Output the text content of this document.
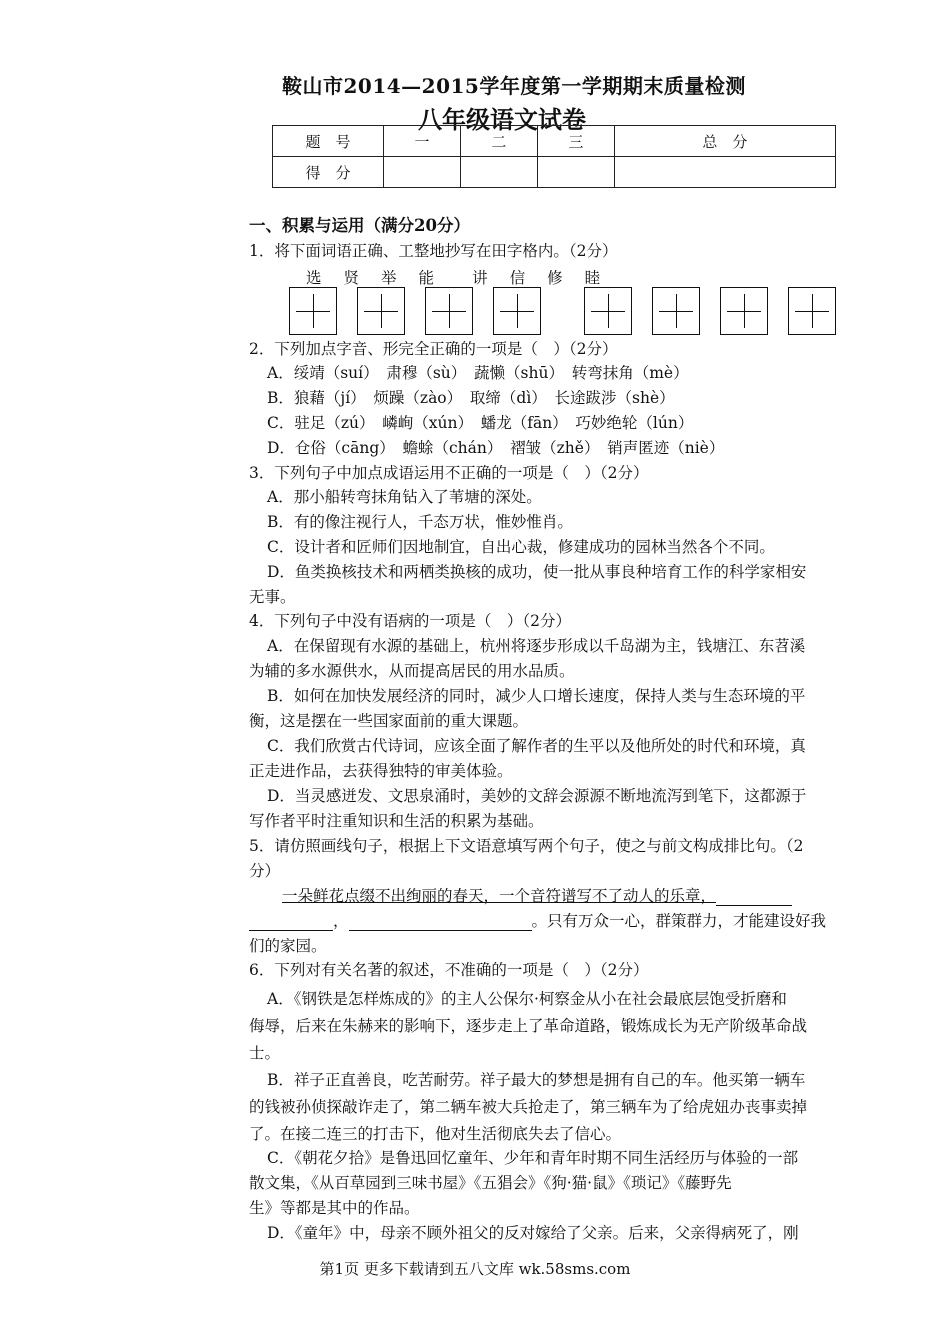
鞍山市2014—2015学年度第一学期期末质量检测
八年级语文试卷
题　号	一	二	三	总　分
得　分				
一、积累与运用（满分20分）
1．将下面词语正确、工整地抄写在田字格内。（2分）
选 贤 举 能 讲 信 修 睦
2．下列加点字音、形完全正确的一项是（　）（2分）
A．绥靖（suí）　肃穆（sù）　蔬懒（shū）　转弯抹角（mè）
B．狼藉（jí）　烦躁（zào）　取缔（dì）　长途跋涉（shè）
C．驻足（zú）　嶙峋（xún）　蟠龙（fān）　巧妙绝轮（lún）
D．仓俗（cāng）　蟾蜍（chán）　褶皱（zhě）　销声匿迹（niè）
3．下列句子中加点成语运用不正确的一项是（　）（2分）
A．那小船转弯抹角钻入了苇塘的深处。
B．有的像注视行人，千态万状，惟妙惟肖。
C．设计者和匠师们因地制宜，自出心裁，修建成功的园林当然各个不同。
D．鱼类换核技术和两栖类换核的成功，使一批从事良种培育工作的科学家相安
无事。
4．下列句子中没有语病的一项是（　）（2分）
A．在保留现有水源的基础上，杭州将逐步形成以千岛湖为主，钱塘江、东苕溪
为辅的多水源供水，从而提高居民的用水品质。
B．如何在加快发展经济的同时，减少人口增长速度，保持人类与生态环境的平
衡，这是摆在一些国家面前的重大课题。
C．我们欣赏古代诗词，应该全面了解作者的生平以及他所处的时代和环境，真
正走进作品，去获得独特的审美体验。
D．当灵感迸发、文思泉涌时，美妙的文辞会源源不断地流泻到笔下，这都源于
写作者平时注重知识和生活的积累为基础。
5．请仿照画线句子，根据上下文语意填写两个句子，使之与前文构成排比句。（2
分）
一朵鲜花点缀不出绚丽的春天，一个音符谱写不了动人的乐章，
，	。只有万众一心，群策群力，才能建设好我
们的家园。
6．下列对有关名著的叙述，不准确的一项是（　）（2分）
A．《钢铁是怎样炼成的》的主人公保尔·柯察金从小在社会最底层饱受折磨和
侮辱，后来在朱赫来的影响下，逐步走上了革命道路，锻炼成长为无产阶级革命战
士。
B．祥子正直善良，吃苦耐劳。祥子最大的梦想是拥有自己的车。他买第一辆车
的钱被孙侦探敲诈走了，第二辆车被大兵抢走了，第三辆车为了给虎妞办丧事卖掉
了。在接二连三的打击下，他对生活彻底失去了信心。
C．《朝花夕拾》是鲁迅回忆童年、少年和青年时期不同生活经历与体验的一部
散文集，《从百草园到三味书屋》《五猖会》《狗·猫·鼠》《琐记》《藤野先
生》等都是其中的作品。
D．《童年》中，母亲不顾外祖父的反对嫁给了父亲。后来，父亲得病死了，刚
第1页 更多下载请到五八文库 wk.58sms.com
